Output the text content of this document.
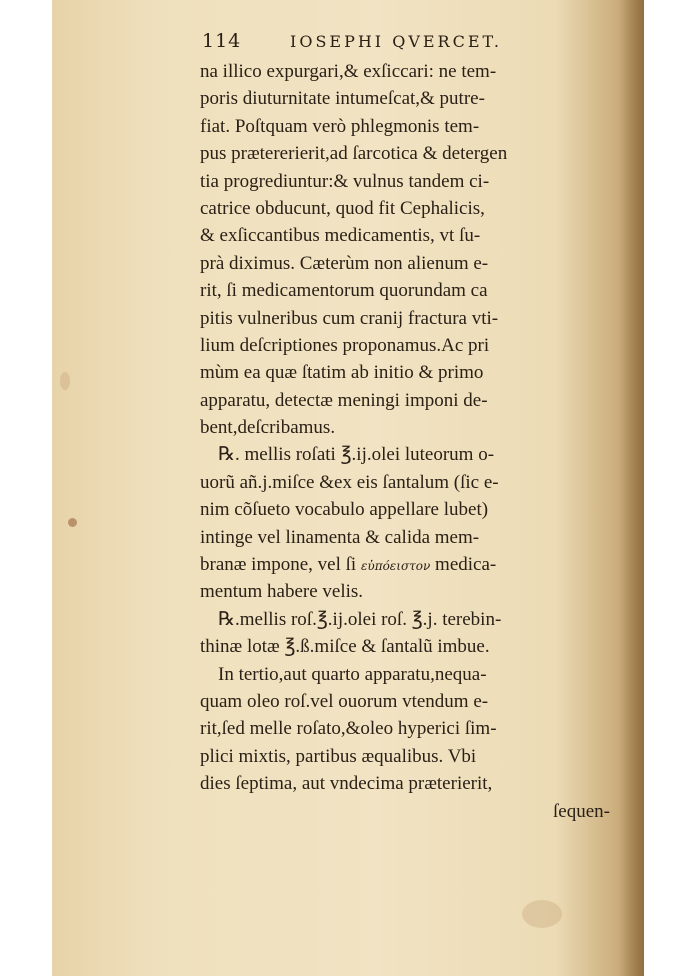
114	IOSEPHI QVERCET.
na illico expurgari,& exſiccari: ne tem-
poris diuturnitate intumeſcat,& putre-
fiat. Poſtquam verò phlegmonis tem-
pus prætererierit,ad ſarcotica & detergen
tia progrediuntur:& vulnus tandem ci-
catrice obducunt, quod fit Cephalicis,
& exſiccantibus medicamentis, vt ſu-
prà diximus. Cæterùm non alienum e-
rit, ſi medicamentorum quorundam ca
pitis vulneribus cum cranij fractura vti-
lium deſcriptiones proponamus.Ac pri
mùm ea quæ ſtatim ab initio & primo
apparatu, detectæ meningi imponi de-
bent,deſcribamus.
℞. mellis roſati ℥.ij.olei luteorum o-
uorũ añ.j.miſce &ex eis ſantalum (ſic e-
nim cõſueto vocabulo appellare lubet)
intinge vel linamenta & calida mem-
branæ impone, vel ſi εὐπόειστον medica-
mentum habere velis.
℞.mellis roſ.℥.ij.olei roſ. ℥.j. terebin-
thinæ lotæ ℥.ß.miſce & ſantalũ imbue.
In tertio,aut quarto apparatu,nequa-
quam oleo roſ.vel ouorum vtendum e-
rit,ſed melle roſato,&oleo hyperici ſim-
plici mixtis, partibus æqualibus. Vbi
dies ſeptima, aut vndecima præterierit,
ſequen-
